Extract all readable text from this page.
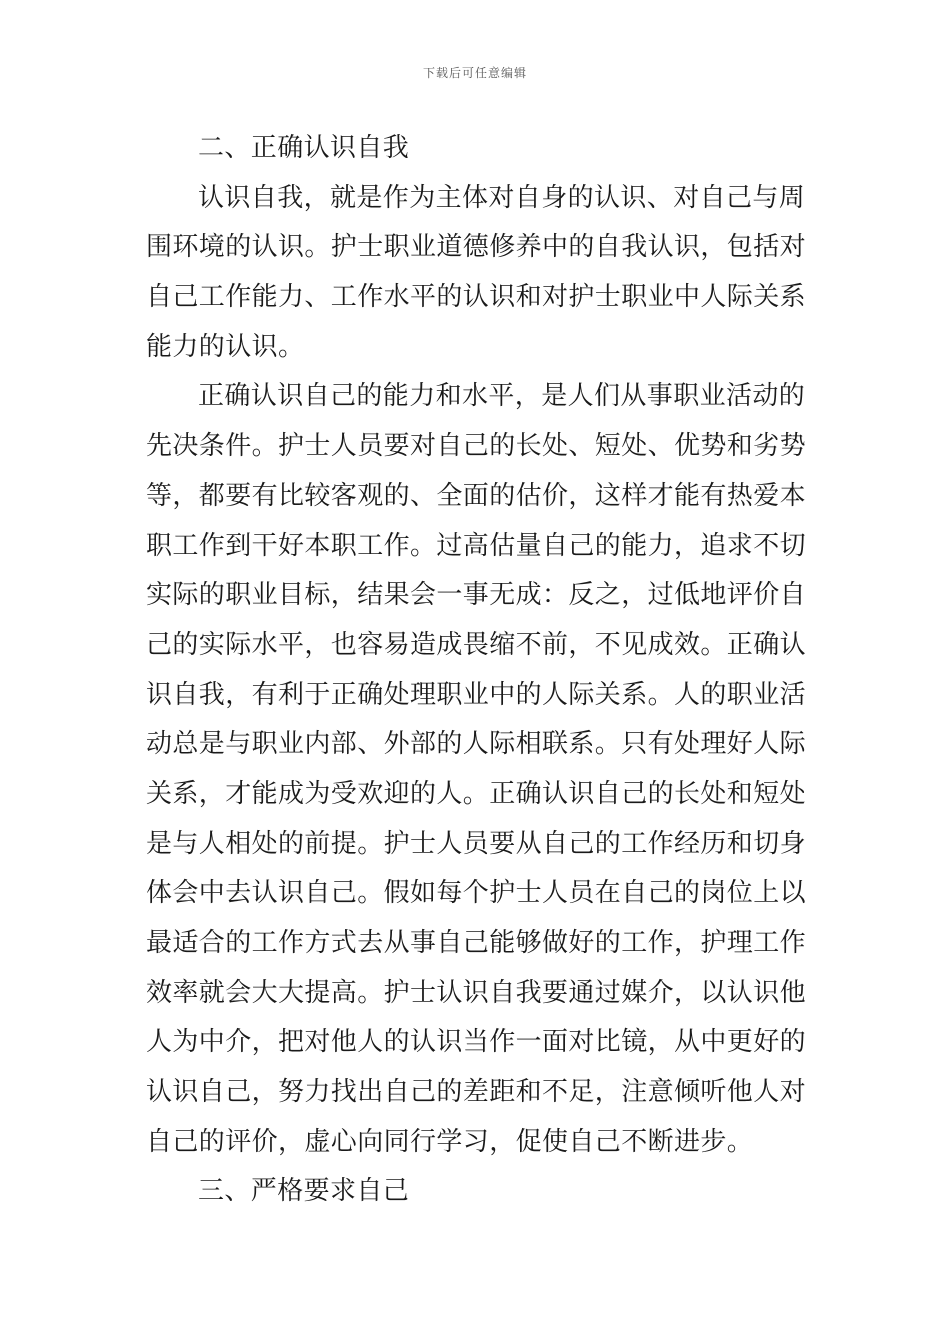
下载后可任意编辑
二、正确认识自我
认识自我，就是作为主体对自身的认识、对自己与周
围环境的认识。护士职业道德修养中的自我认识，包括对
自己工作能力、工作水平的认识和对护士职业中人际关系
能力的认识。
正确认识自己的能力和水平，是人们从事职业活动的
先决条件。护士人员要对自己的长处、短处、优势和劣势
等，都要有比较客观的、全面的估价，这样才能有热爱本
职工作到干好本职工作。过高估量自己的能力，追求不切
实际的职业目标，结果会一事无成：反之，过低地评价自
己的实际水平，也容易造成畏缩不前，不见成效。正确认
识自我，有利于正确处理职业中的人际关系。人的职业活
动总是与职业内部、外部的人际相联系。只有处理好人际
关系，才能成为受欢迎的人。正确认识自己的长处和短处
是与人相处的前提。护士人员要从自己的工作经历和切身
体会中去认识自己。假如每个护士人员在自己的岗位上以
最适合的工作方式去从事自己能够做好的工作，护理工作
效率就会大大提高。护士认识自我要通过媒介，以认识他
人为中介，把对他人的认识当作一面对比镜，从中更好的
认识自己，努力找出自己的差距和不足，注意倾听他人对
自己的评价，虚心向同行学习，促使自己不断进步。
三、严格要求自己
